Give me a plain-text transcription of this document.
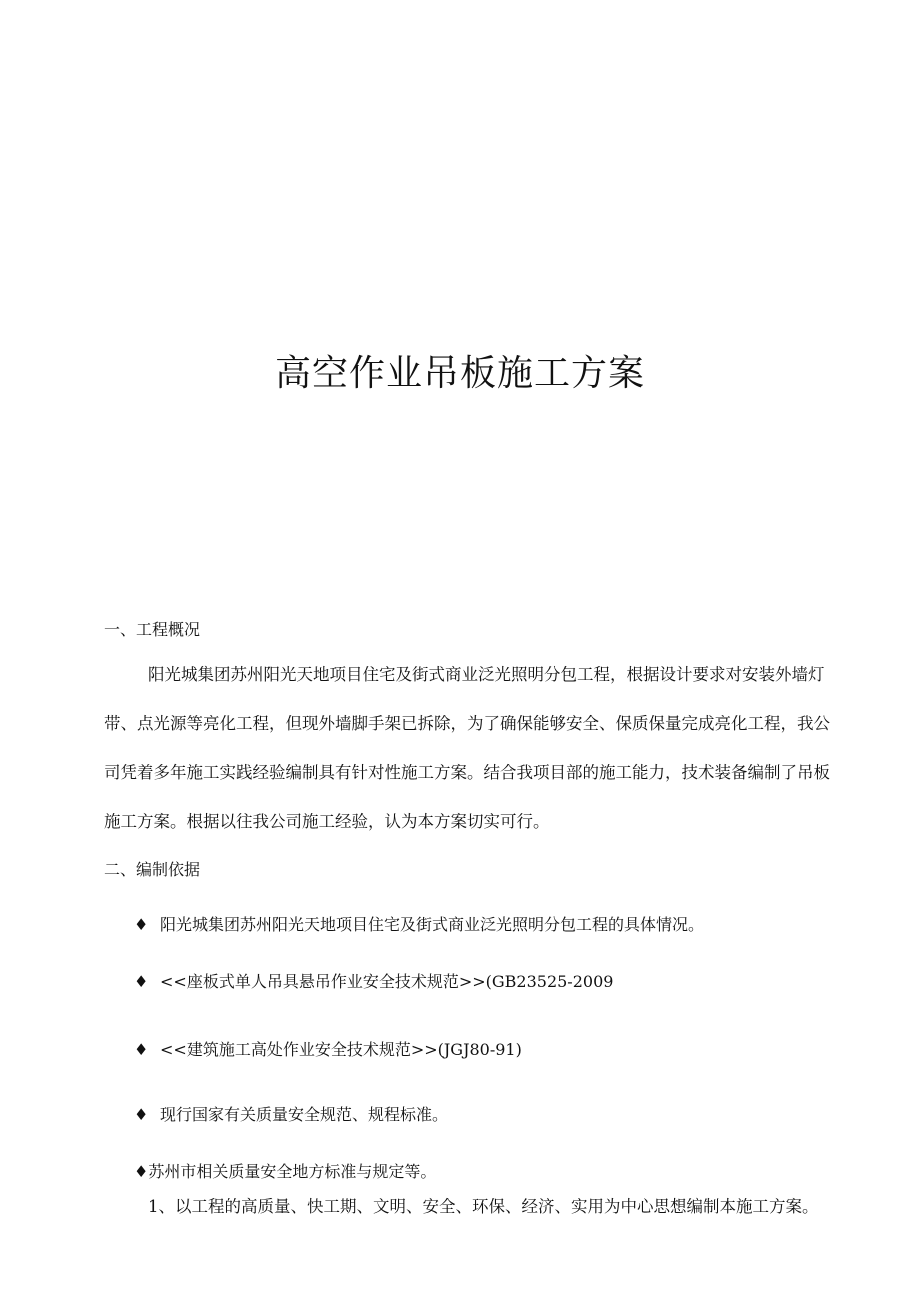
高空作业吊板施工方案
一、工程概况
阳光城集团苏州阳光天地项目住宅及街式商业泛光照明分包工程，根据设计要求对安装外墙灯
带、点光源等亮化工程，但现外墙脚手架已拆除，为了确保能够安全、保质保量完成亮化工程，我公
司凭着多年施工实践经验编制具有针对性施工方案。结合我项目部的施工能力，技术装备编制了吊板
施工方案。根据以往我公司施工经验，认为本方案切实可行。
二、编制依据
♦ 阳光城集团苏州阳光天地项目住宅及街式商业泛光照明分包工程的具体情况。
♦ <<座板式单人吊具悬吊作业安全技术规范>>(GB23525-2009
♦ <<建筑施工高处作业安全技术规范>>(JGJ80-91)
♦ 现行国家有关质量安全规范、规程标准。
♦苏州市相关质量安全地方标准与规定等。
1、以工程的高质量、快工期、文明、安全、环保、经济、实用为中心思想编制本施工方案。
